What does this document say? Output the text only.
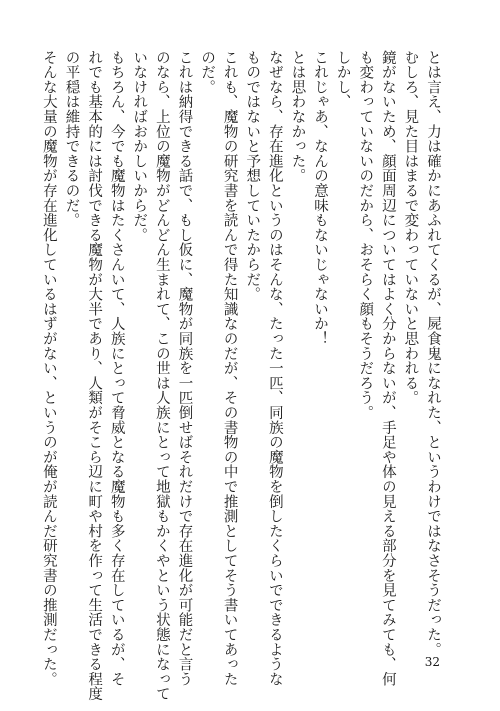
とは言え、力は確かにあふれてくるが、屍食鬼になれた、というわけではなさそうだった。
むしろ、見た目はまるで変わっていないと思われる。
鏡がないため、顔面周辺についてはよく分からないが、手足や体の見える部分を見てみても、何
も変わっていないのだから、おそらく顔もそうだろう。
しかし、
これじゃあ、なんの意味もないじゃないか！
とは思わなかった。
なぜなら、存在進化というのはそんな、たった一匹、同族の魔物を倒したくらいでできるような
ものではないと予想していたからだ。
これも、魔物の研究書を読んで得た知識なのだが、その書物の中で推測としてそう書いてあった
のだ。
これは納得できる話で、もし仮に、魔物が同族を一匹倒せばそれだけで存在進化が可能だと言う
のなら、上位の魔物がどんどん生まれて、この世は人族にとって地獄もかくやという状態になって
いなければおかしいからだ。
もちろん、今でも魔物はたくさんいて、人族にとって脅威となる魔物も多く存在しているが、そ
れでも基本的には討伐できる魔物が大半であり、人類がそこら辺に町や村を作って生活できる程度
の平穏は維持できるのだ。
そんな大量の魔物が存在進化しているはずがない、というのが俺が読んだ研究書の推測だった。	32
